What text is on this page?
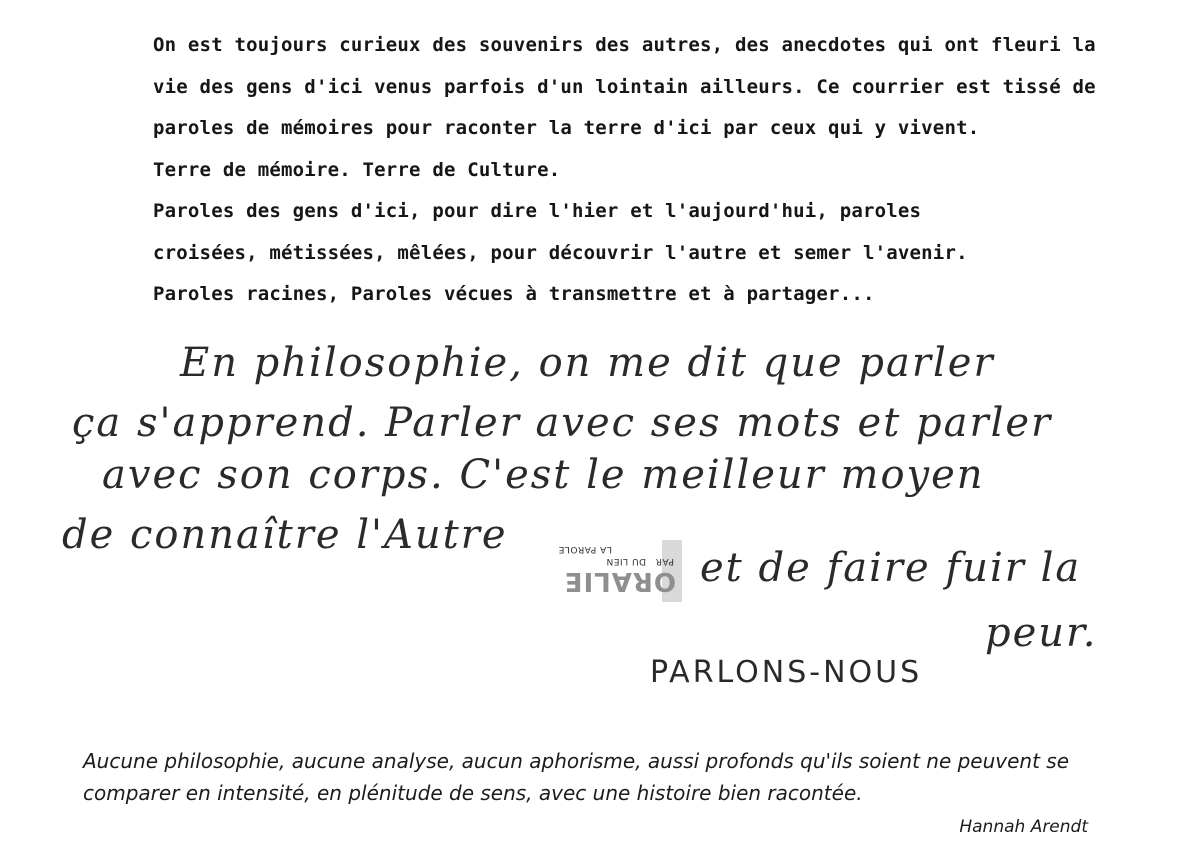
On est toujours curieux des souvenirs des autres, des anecdotes qui ont fleuri la
vie des gens d'ici venus parfois d'un lointain ailleurs. Ce courrier est tissé de
paroles de mémoires pour raconter la terre d'ici par ceux qui y vivent.
Terre de mémoire. Terre de Culture.
Paroles des gens d'ici, pour dire l'hier et l'aujourd'hui, paroles
croisées, métissées, mêlées, pour découvrir l'autre et semer l'avenir.
Paroles racines, Paroles vécues à transmettre et à partager...
En philosophie, on me dit que parler
ça s'apprend. Parler avec ses mots et parler
avec son corps. C'est le meilleur moyen
de connaître l'Autre
et de faire fuir la
peur.
PARLONS-NOUS
ORALIE
PAR
DU LIEN
LA PAROLE
Aucune philosophie, aucune analyse, aucun aphorisme, aussi profonds qu'ils soient ne peuvent se comparer en intensité, en plénitude de sens, avec une histoire bien racontée.
Hannah Arendt
